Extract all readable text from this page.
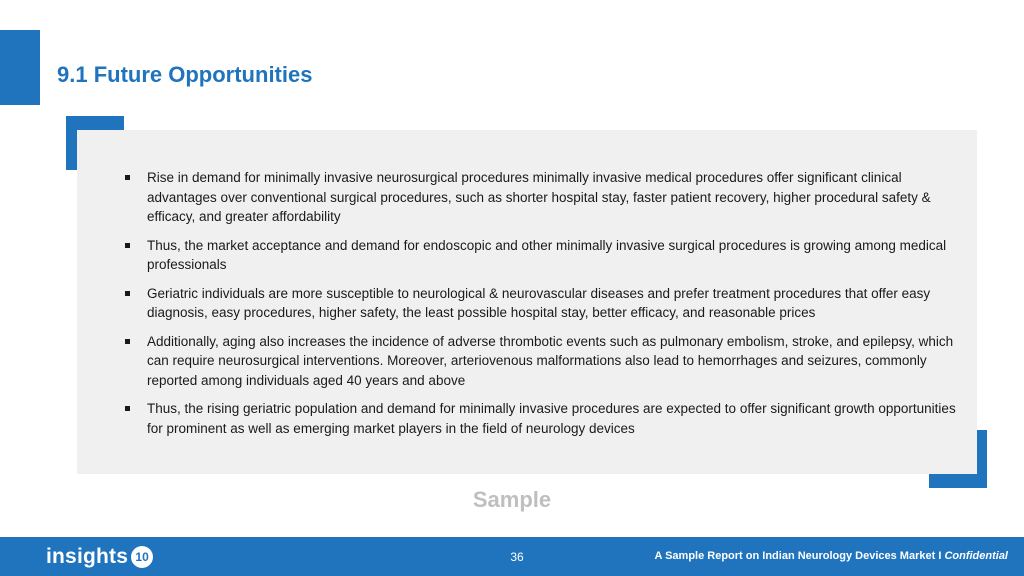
9.1 Future Opportunities
Rise in demand for minimally invasive neurosurgical procedures minimally invasive medical procedures offer significant clinical advantages over conventional surgical procedures, such as shorter hospital stay, faster patient recovery, higher procedural safety & efficacy, and greater affordability
Thus, the market acceptance and demand for endoscopic and other minimally invasive surgical procedures is growing among medical professionals
Geriatric individuals are more susceptible to neurological & neurovascular diseases and prefer treatment procedures that offer easy diagnosis, easy procedures, higher safety, the least possible hospital stay, better efficacy, and reasonable prices
Additionally, aging also increases the incidence of adverse thrombotic events such as pulmonary embolism, stroke, and epilepsy, which can require neurosurgical interventions. Moreover, arteriovenous malformations also lead to hemorrhages and seizures, commonly reported among individuals aged 40 years and above
Thus, the rising geriatric population and demand for minimally invasive procedures are expected to offer significant growth opportunities for prominent as well as emerging market players in the field of neurology devices
Sample
insights 10	36	A Sample Report on Indian Neurology Devices Market I Confidential
